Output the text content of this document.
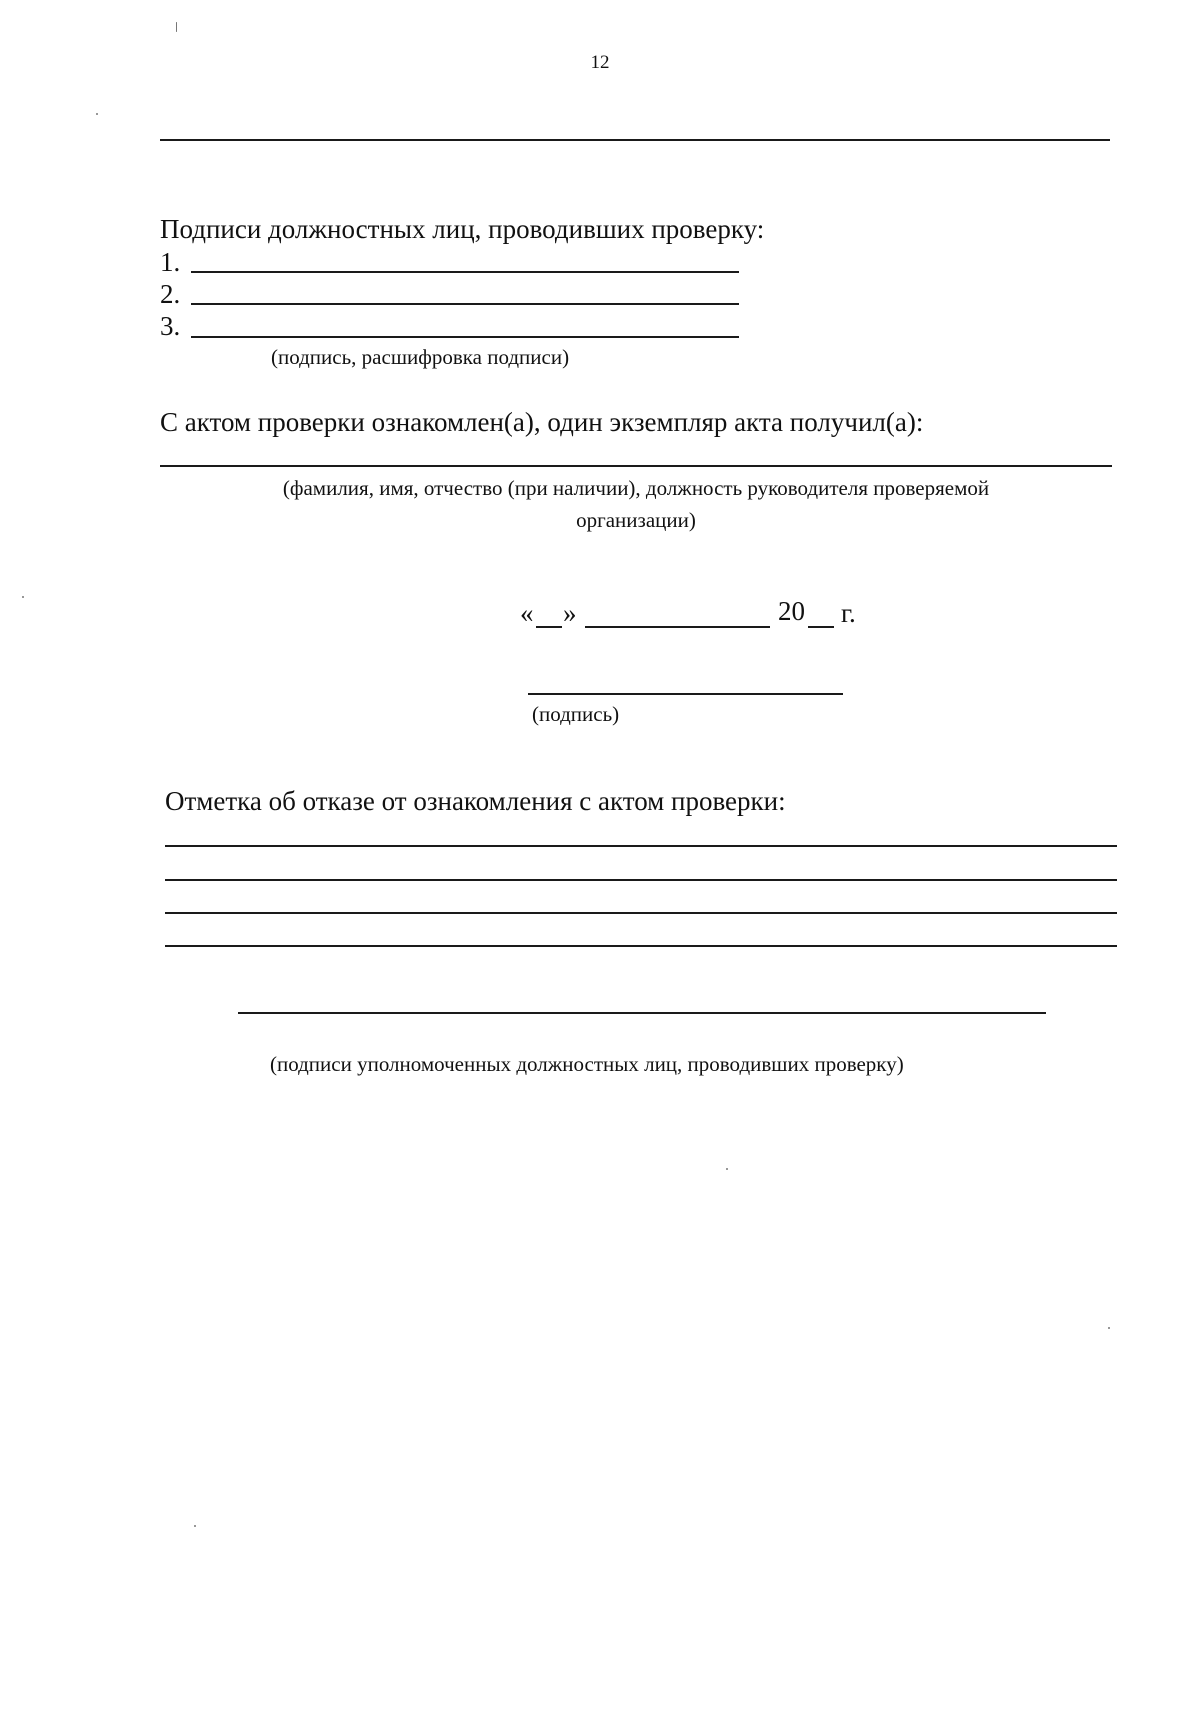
12
Подписи должностных лиц, проводивших проверку:
1.
2.
3.
(подпись, расшифровка подписи)
С актом проверки ознакомлен(а), один экземпляр акта получил(а):
(фамилия, имя, отчество (при наличии), должность руководителя проверяемой
организации)
« »	20 г.
(подпись)
Отметка об отказе от ознакомления с актом проверки:
(подписи уполномоченных должностных лиц, проводивших проверку)
